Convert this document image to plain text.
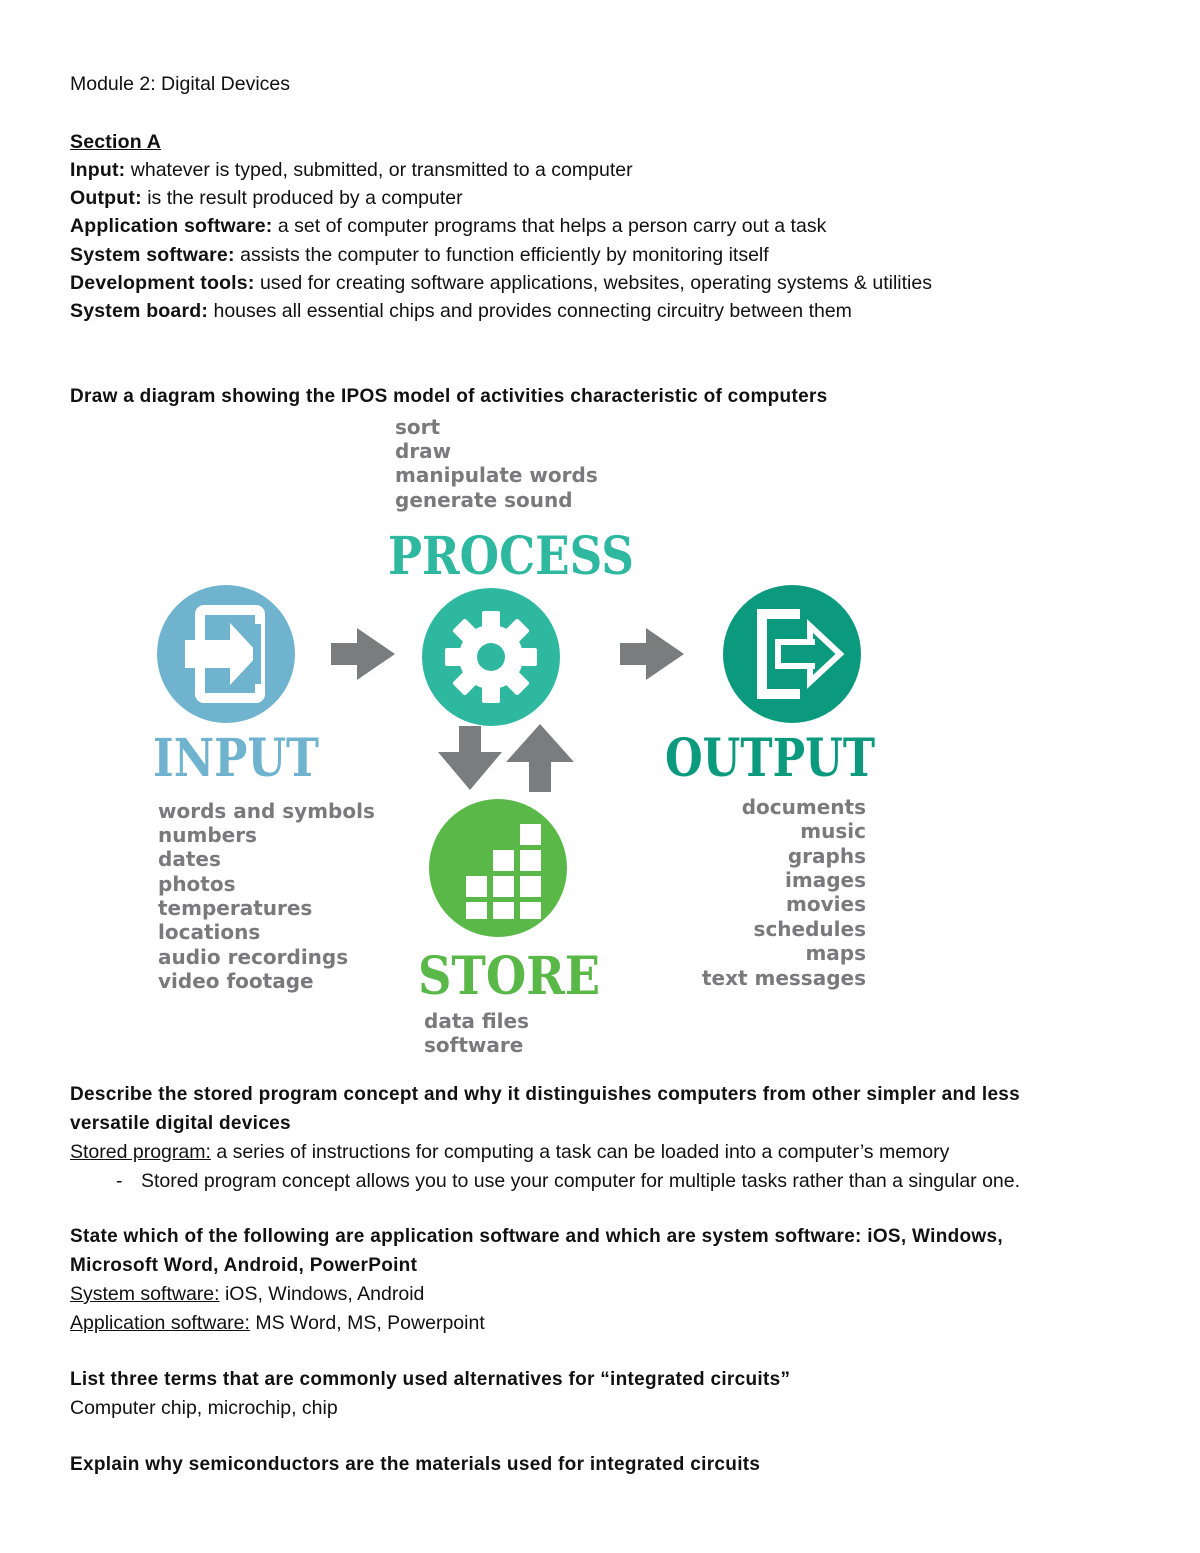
Module 2: Digital Devices
Section A
Input: whatever is typed, submitted, or transmitted to a computer
Output: is the result produced by a computer
Application software: a set of computer programs that helps a person carry out a task
System software: assists the computer to function efficiently by monitoring itself
Development tools: used for creating software applications, websites, operating systems & utilities
System board: houses all essential chips and provides connecting circuitry between them
Draw a diagram showing the IPOS model of activities characteristic of computers
sort
draw
manipulate words
generate sound
PROCESS
INPUT	OUTPUT
words and symbols
numbers
dates
photos
temperatures
locations
audio recordings
video footage
documents
music
graphs
images
movies
schedules
maps
text messages
STORE
data files
software
Describe the stored program concept and why it distinguishes computers from other simpler and less
versatile digital devices
Stored program: a series of instructions for computing a task can be loaded into a computer’s memory
- Stored program concept allows you to use your computer for multiple tasks rather than a singular one.
State which of the following are application software and which are system software: iOS, Windows,
Microsoft Word, Android, PowerPoint
System software: iOS, Windows, Android
Application software: MS Word, MS, Powerpoint
List three terms that are commonly used alternatives for “integrated circuits”
Computer chip, microchip, chip
Explain why semiconductors are the materials used for integrated circuits
